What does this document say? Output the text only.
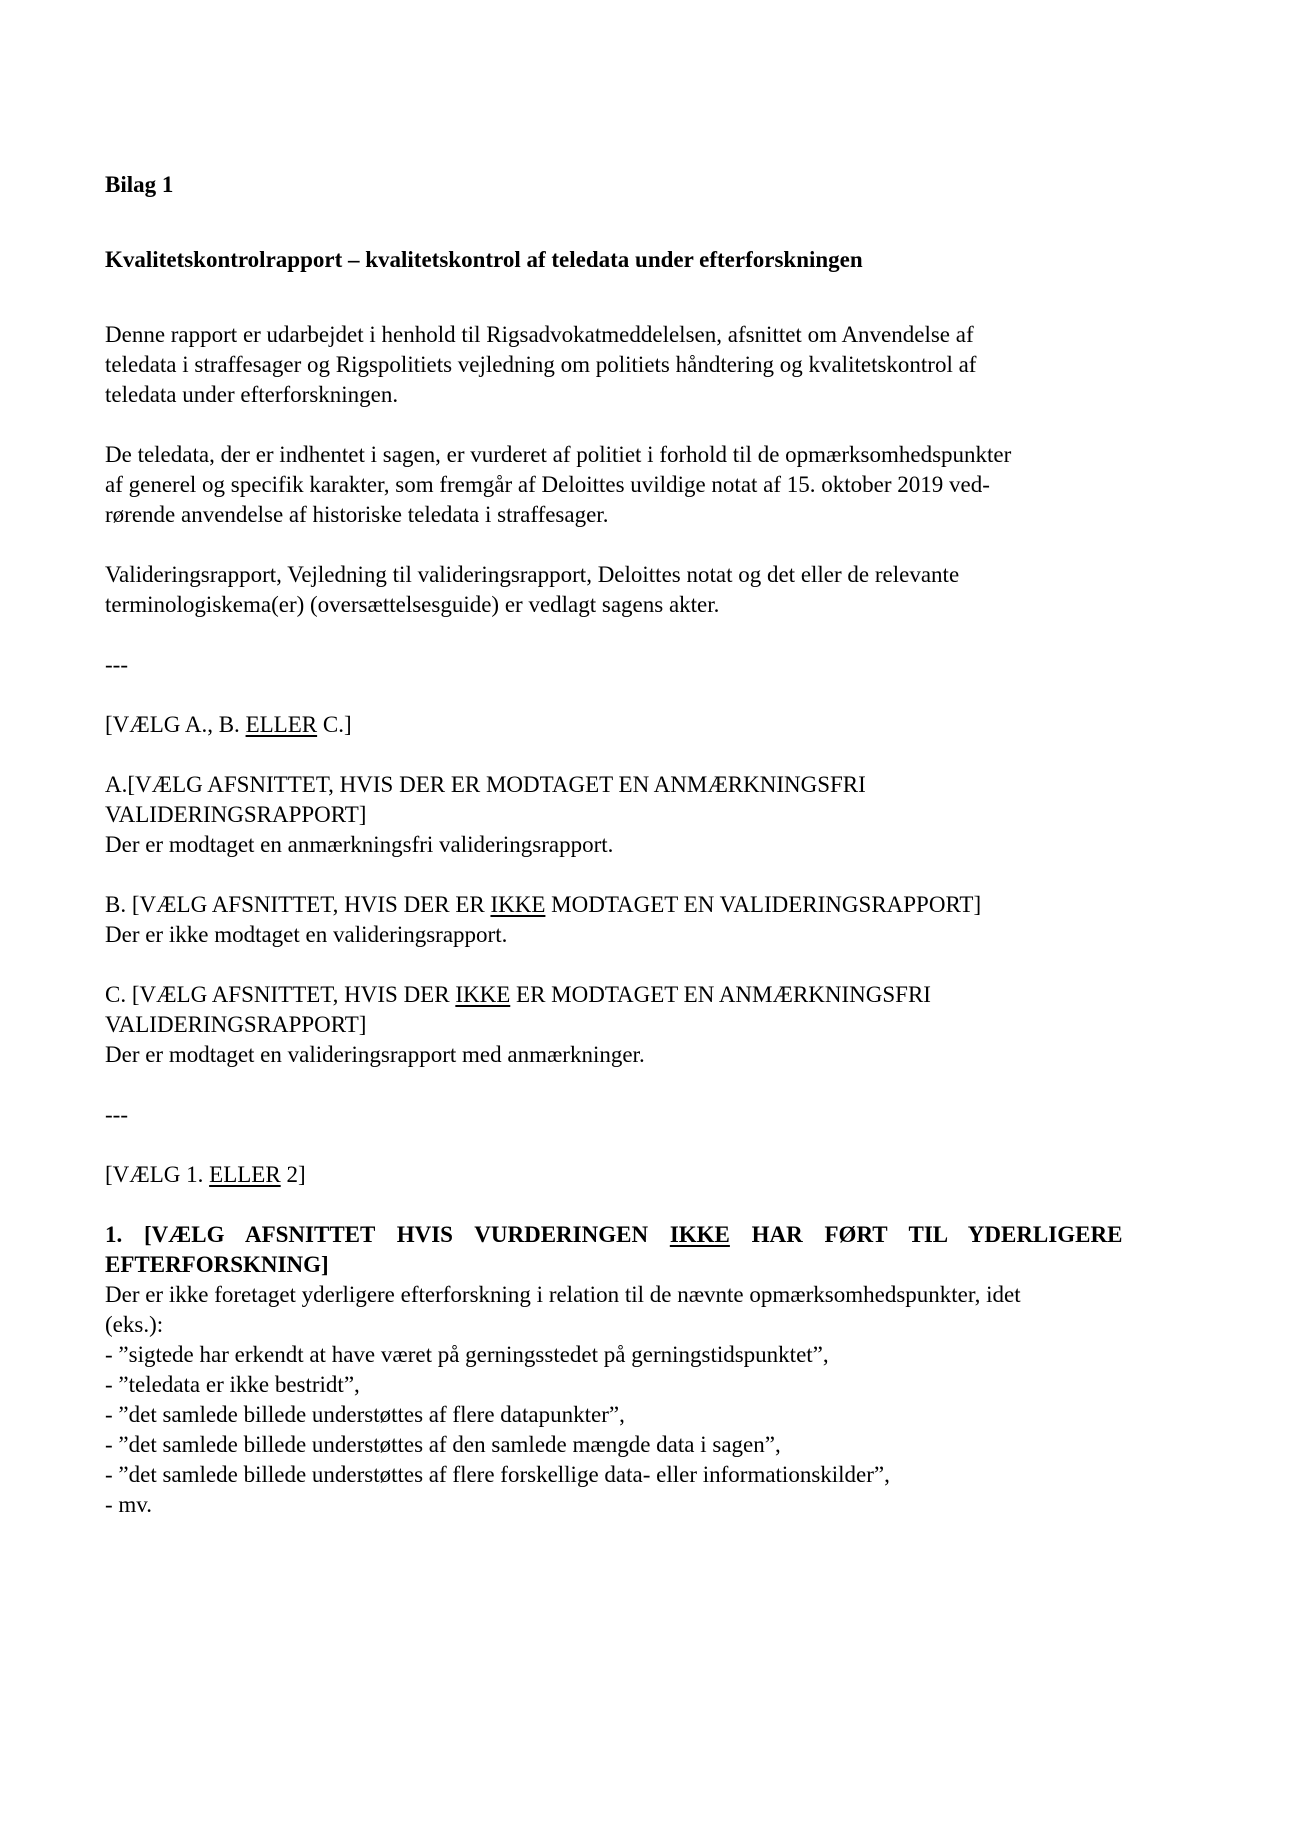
Bilag 1
Kvalitetskontrolrapport – kvalitetskontrol af teledata under efterforskningen
Denne rapport er udarbejdet i henhold til Rigsadvokatmeddelelsen, afsnittet om Anvendelse af
teledata i straffesager og Rigspolitiets vejledning om politiets håndtering og kvalitetskontrol af
teledata under efterforskningen.
De teledata, der er indhentet i sagen, er vurderet af politiet i forhold til de opmærksomhedspunkter
af generel og specifik karakter, som fremgår af Deloittes uvildige notat af 15. oktober 2019 ved-
rørende anvendelse af historiske teledata i straffesager.
Valideringsrapport, Vejledning til valideringsrapport, Deloittes notat og det eller de relevante
terminologiskema(er) (oversættelsesguide) er vedlagt sagens akter.
---
[VÆLG A., B. ELLER C.]
A.[VÆLG AFSNITTET, HVIS DER ER MODTAGET EN ANMÆRKNINGSFRI
VALIDERINGSRAPPORT]
Der er modtaget en anmærkningsfri valideringsrapport.
B. [VÆLG AFSNITTET, HVIS DER ER IKKE MODTAGET EN VALIDERINGSRAPPORT]
Der er ikke modtaget en valideringsrapport.
C. [VÆLG AFSNITTET, HVIS DER IKKE ER MODTAGET EN ANMÆRKNINGSFRI
VALIDERINGSRAPPORT]
Der er modtaget en valideringsrapport med anmærkninger.
---
[VÆLG 1. ELLER 2]
1. [VÆLG AFSNITTET HVIS VURDERINGEN IKKE HAR FØRT TIL YDERLIGERE
EFTERFORSKNING]
Der er ikke foretaget yderligere efterforskning i relation til de nævnte opmærksomhedspunkter, idet
(eks.):
- ”sigtede har erkendt at have været på gerningsstedet på gerningstidspunktet”,
- ”teledata er ikke bestridt”,
- ”det samlede billede understøttes af flere datapunkter”,
- ”det samlede billede understøttes af den samlede mængde data i sagen”,
- ”det samlede billede understøttes af flere forskellige data- eller informationskilder”,
- mv.
